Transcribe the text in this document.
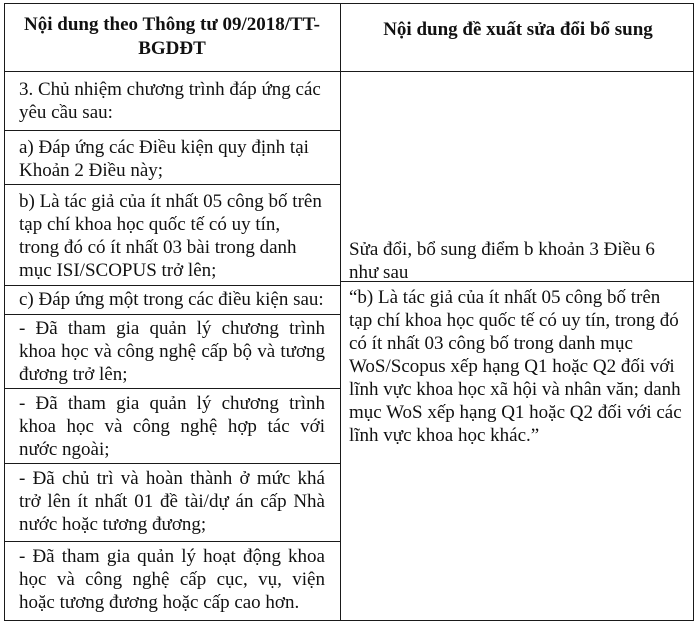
Nội dung theo Thông tư 09/2018/TT-BGDĐT
Nội dung đề xuất sửa đổi bổ sung
3. Chủ nhiệm chương trình đáp ứng các yêu cầu sau:
a) Đáp ứng các Điều kiện quy định tại Khoản 2 Điều này;
b) Là tác giả của ít nhất 05 công bố trên tạp chí khoa học quốc tế có uy tín, trong đó có ít nhất 03 bài trong danh mục ISI/SCOPUS trở lên;
c) Đáp ứng một trong các điều kiện sau:
- Đã tham gia quản lý chương trình khoa học và công nghệ cấp bộ và tương đương trở lên;
- Đã tham gia quản lý chương trình khoa học và công nghệ hợp tác với nước ngoài;
- Đã chủ trì và hoàn thành ở mức khá trở lên ít nhất 01 đề tài/dự án cấp Nhà nước hoặc tương đương;
- Đã tham gia quản lý hoạt động khoa học và công nghệ cấp cục, vụ, viện hoặc tương đương hoặc cấp cao hơn.
Sửa đổi, bổ sung điểm b khoản 3 Điều 6 như sau
“b) Là tác giả của ít nhất 05 công bố trên tạp chí khoa học quốc tế có uy tín, trong đó có ít nhất 03 công bố trong danh mục WoS/Scopus xếp hạng Q1 hoặc Q2 đối với lĩnh vực khoa học xã hội và nhân văn; danh mục WoS xếp hạng Q1 hoặc Q2 đối với các lĩnh vực khoa học khác.”
